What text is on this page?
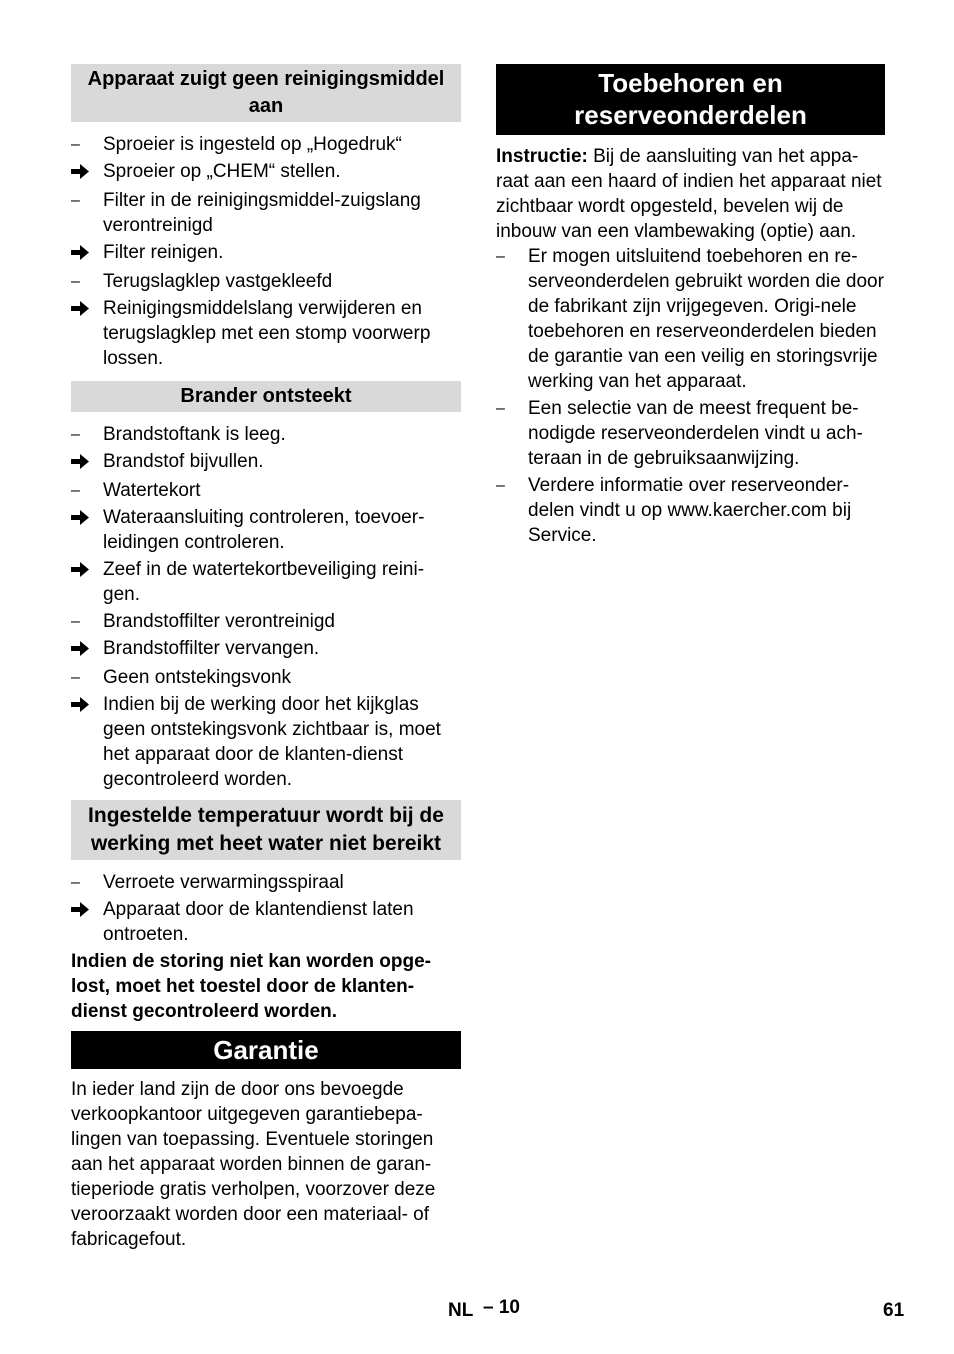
Apparaat zuigt geen reinigingsmiddel aan
–	Sproeier is ingesteld op „Hogedruk“
Sproeier op „CHEM“ stellen.
–	Filter in de reinigingsmiddel-zuigslang verontreinigd
Filter reinigen.
–	Terugslagklep vastgekleefd
Reinigingsmiddelslang verwijderen en terugslagklep met een stomp voorwerp lossen.
Brander ontsteekt
–	Brandstoftank is leeg.
Brandstof bijvullen.
–	Watertekort
Wateraansluiting controleren, toevoer-leidingen controleren.
Zeef in de watertekortbeveiliging reini-gen.
–	Brandstoffilter verontreinigd
Brandstoffilter vervangen.
–	Geen ontstekingsvonk
Indien bij de werking door het kijkglas geen ontstekingsvonk zichtbaar is, moet het apparaat door de klanten-dienst gecontroleerd worden.
Ingestelde temperatuur wordt bij de werking met heet water niet bereikt
–	Verroete verwarmingsspiraal
Apparaat door de klantendienst laten ontroeten.

Indien de storing niet kan worden opge-lost, moet het toestel door de klanten-dienst gecontroleerd worden.

Garantie

In ieder land zijn de door ons bevoegde verkoopkantoor uitgegeven garantiebepa-lingen van toepassing. Eventuele storingen aan het apparaat worden binnen de garan-tieperiode gratis verholpen, voorzover deze veroorzaakt worden door een materiaal- of fabricagefout.

Toebehoren en reserveonderdelen

Instructie: Bij de aansluiting van het appa-raat aan een haard of indien het apparaat niet zichtbaar wordt opgesteld, bevelen wij de inbouw van een vlambewaking (optie) aan.

–	Er mogen uitsluitend toebehoren en re-serveonderdelen gebruikt worden die door de fabrikant zijn vrijgegeven. Origi-nele toebehoren en reserveonderdelen bieden de garantie van een veilig en storingsvrije werking van het apparaat.
–	Een selectie van de meest frequent be-nodigde reserveonderdelen vindt u ach-teraan in de gebruiksaanwijzing.
–	Verdere informatie over reserveonder-delen vindt u op www.kaercher.com bij Service.
NL – 10	61
